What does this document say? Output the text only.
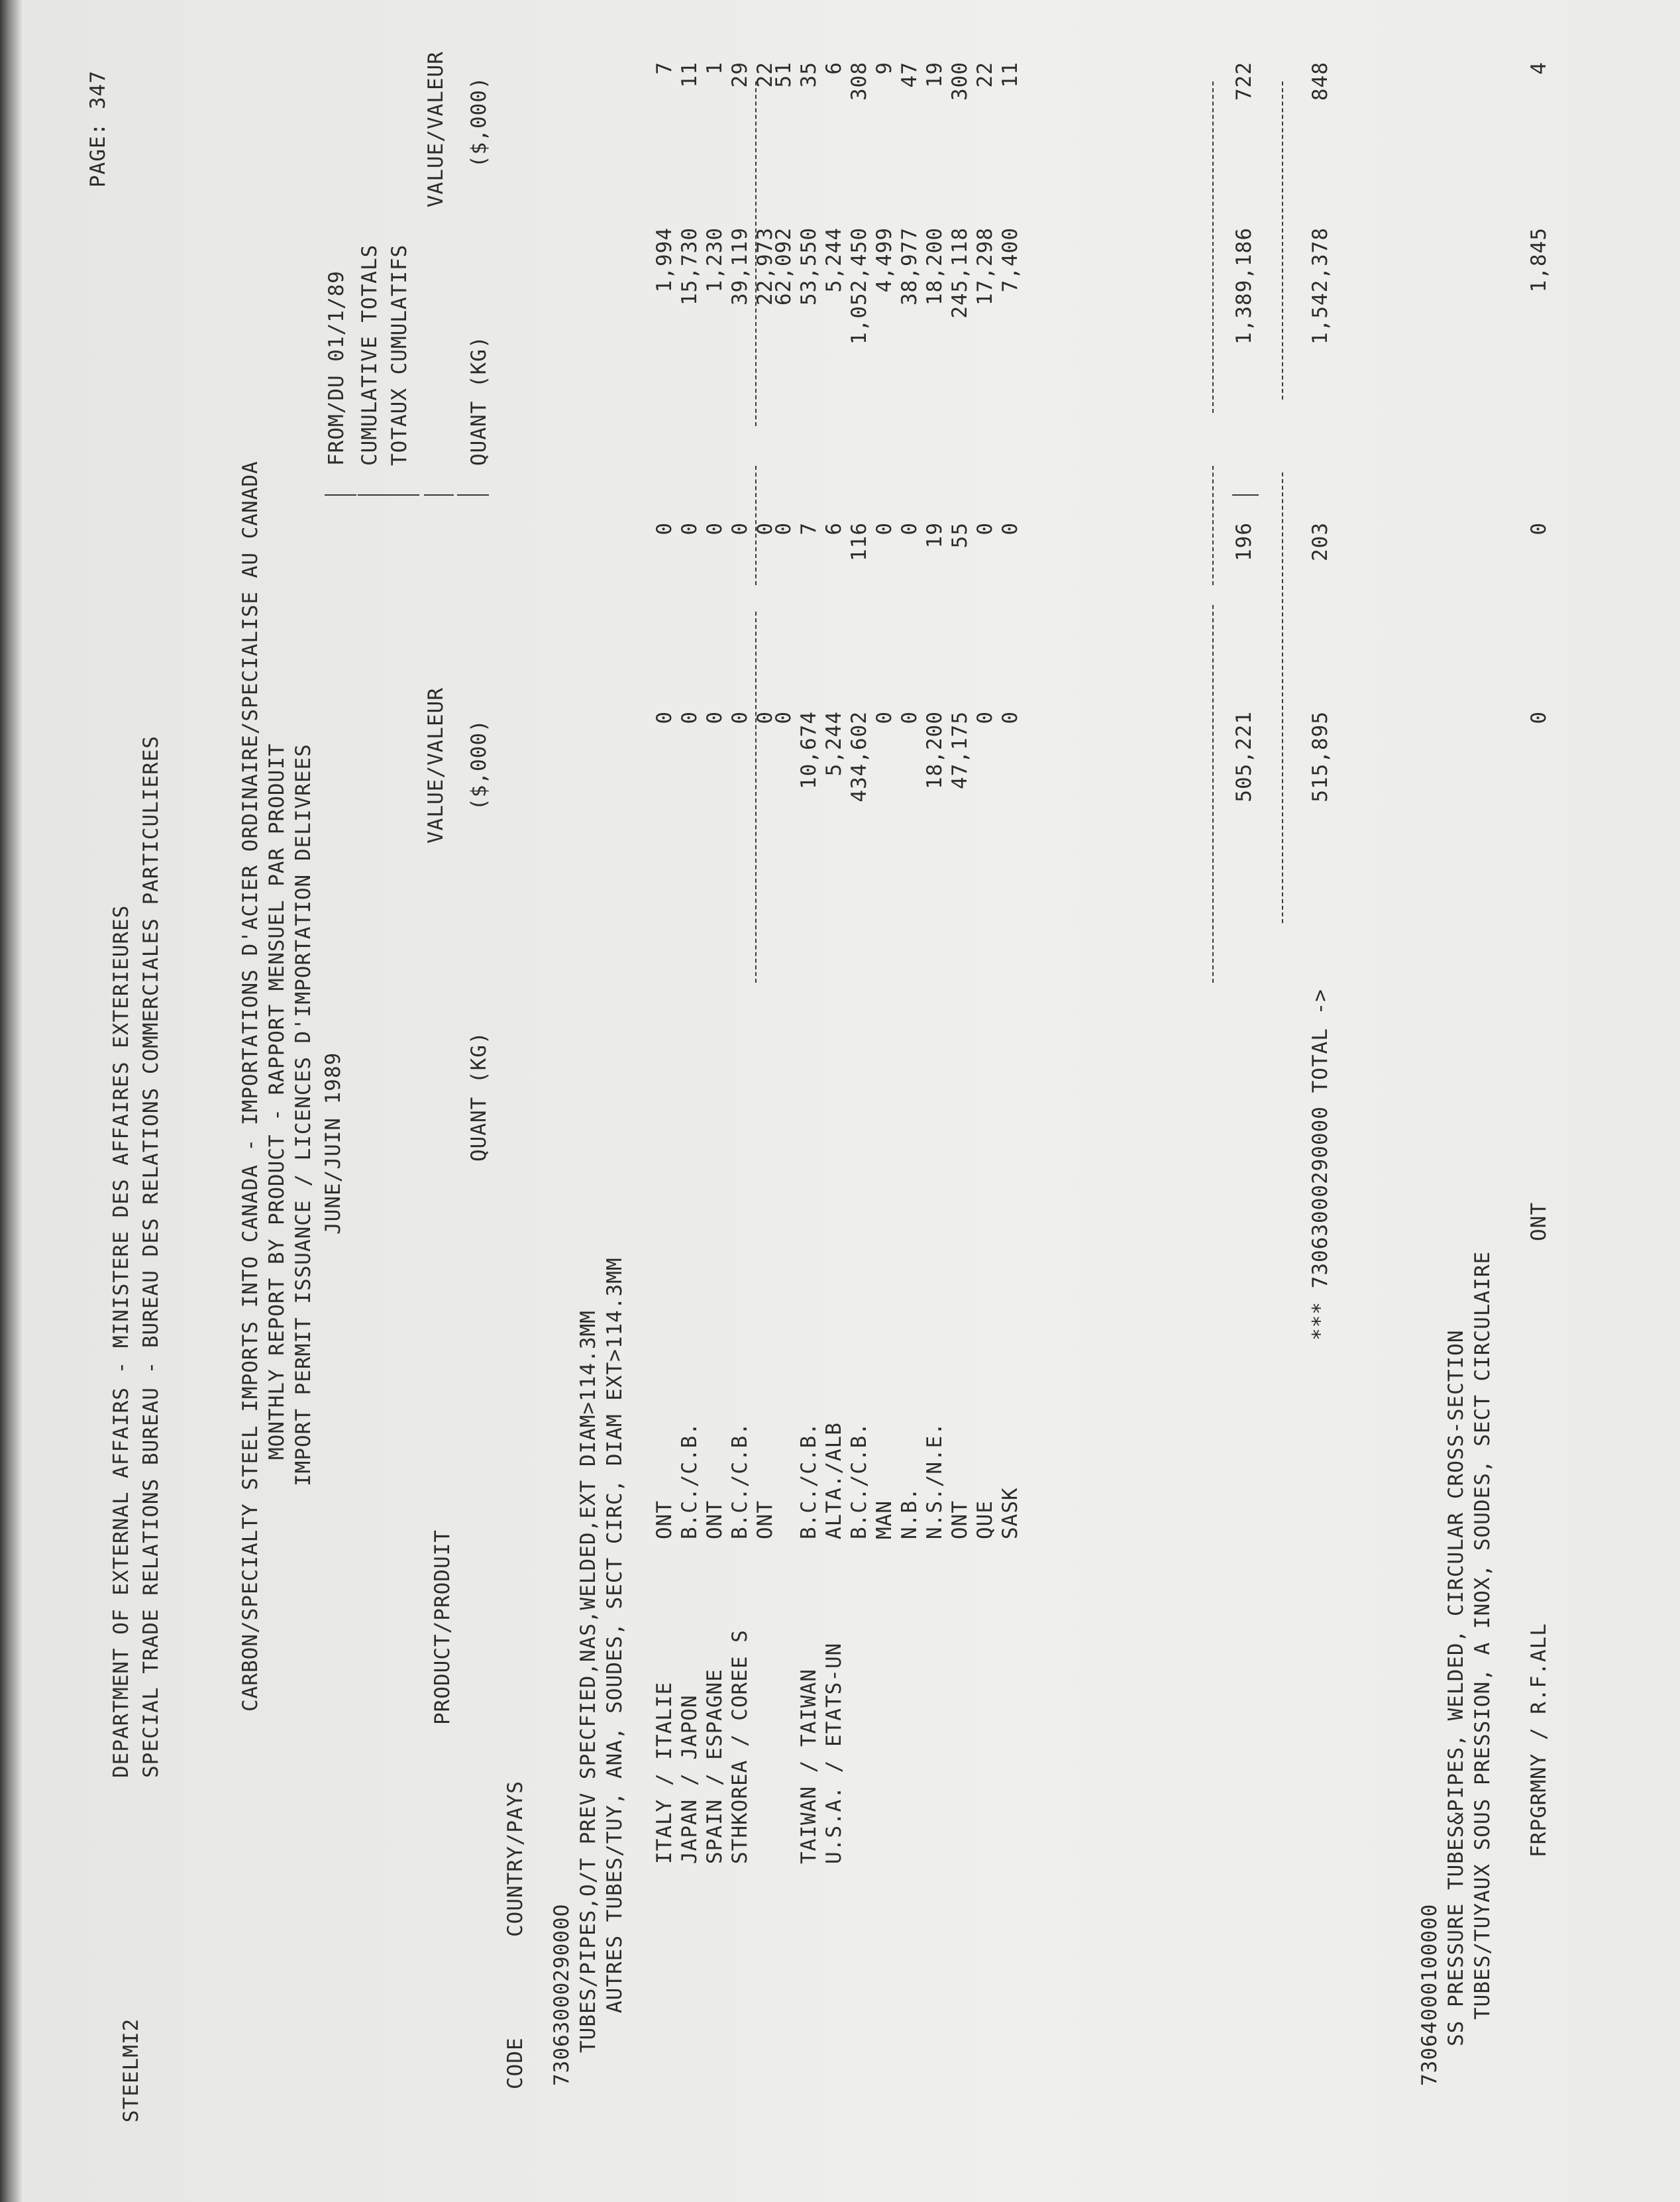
STEELMI2
DEPARTMENT OF EXTERNAL AFFAIRS - MINISTERE DES AFFAIRES EXTERIEURES SPECIAL TRADE RELATIONS BUREAU - BUREAU DES RELATIONS COMMERCIALES PARTICULIERES
PAGE: 347
CARBON/SPECIALTY STEEL IMPORTS INTO CANADA - IMPORTATIONS D'ACIER ORDINAIRE/SPECIALISE AU CANADA MONTHLY REPORT BY PRODUCT - RAPPORT MENSUEL PAR PRODUIT IMPORT PERMIT ISSUANCE / LICENCES D'IMPORTATION DELIVREES JUNE/JUIN 1989
FROM/DU 01/1/89 CUMULATIVE TOTALS TOTAUX CUMULATIFS
VALUE/VALEUR
VALUE/VALEUR
PRODUCT/PRODUIT
QUANT (KG)
($,000)
QUANT (KG)
($,000)
CODE
COUNTRY/PAYS
7306300029000O TUBES/PIPES,O/T PREV SPECFIED,NAS,WELDED,EXT DIAM>114.3MM AUTRES TUBES/TUY, ANA, SOUDES, SECT CIRC, DIAM EXT>114.3MM ITALY / ITALIE
ONT
0
0
1,994
7
JAPAN / JAPON
B.C./C.B.
0
0
15,730
11
SPAIN / ESPAGNE
ONT
0
0
1,230
1
STHKOREA / COREE S
B.C./C.B.
0
0
39,119
29
ONT
0
0
22,973
22
0
0
62,092
51
TAIWAN / TAIWAN
B.C./C.B.
10,674
7
53,550
35
U.S.A. / ETATS-UN
ALTA./ALB
5,244
6
5,244
6
B.C./C.B.
434,602
116
1,052,450
308
MAN
0
0
4,499
9
N.B.
0
0
38,977
47
N.S./N.E.
18,200
19
18,200
19
ONT
47,175
55
245,118
300
QUE
0
0
17,298
22
SASK
0
0
7,400
11
505,221
196
1,389,186
722
*** 73063000290000 TOTAL ->
515,895
203
1,542,378
848
73064000100000 SS PRESSURE TUBES&PIPES, WELDED, CIRCULAR CROSS-SECTION TUBES/TUYAUX SOUS PRESSION, A INOX, SOUDES, SECT CIRCULAIRE FRPGRMNY / R.F.ALL
ONT
0
0
1,845
4
